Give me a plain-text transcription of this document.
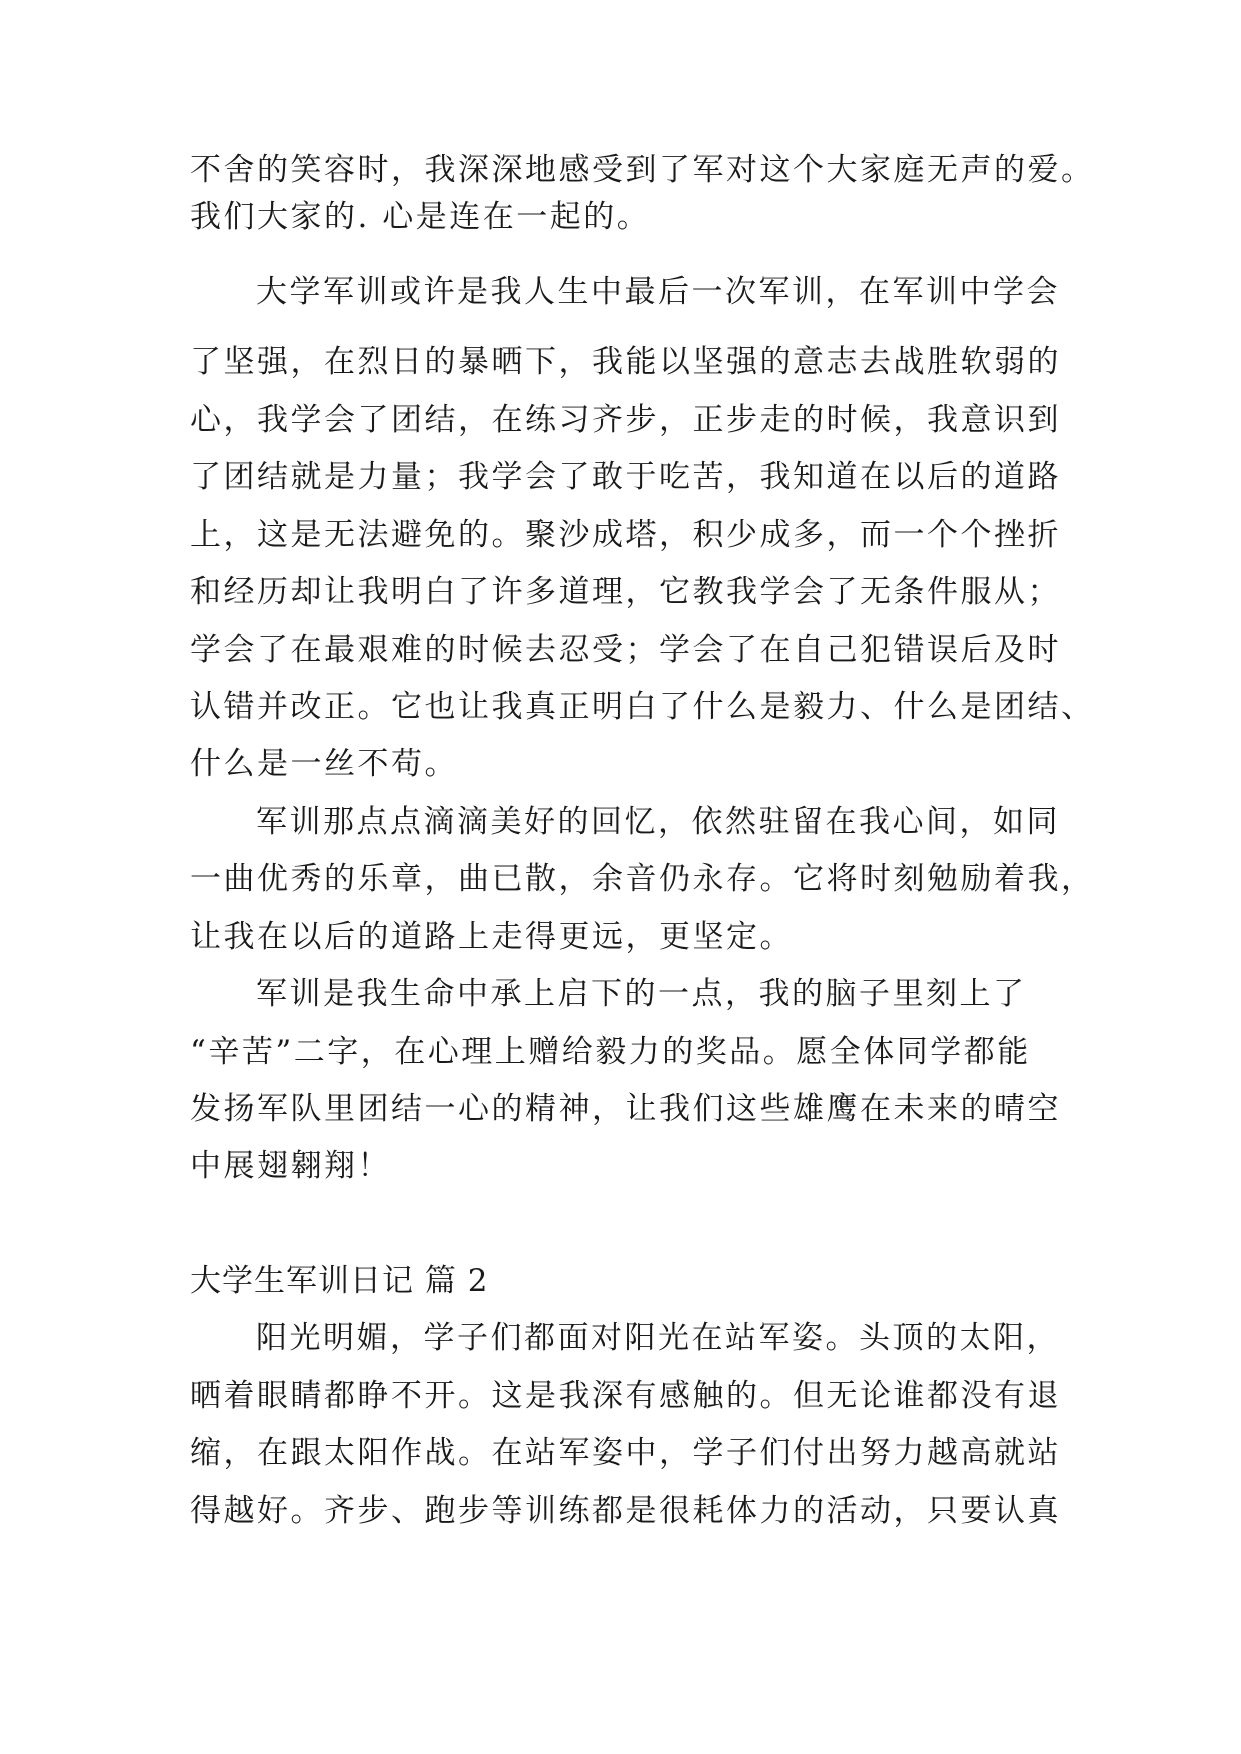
不舍的笑容时，我深深地感受到了军对这个大家庭无声的爱。
我们大家的. 心是连在一起的。
大学军训或许是我人生中最后一次军训，在军训中学会
了坚强，在烈日的暴晒下，我能以坚强的意志去战胜软弱的
心，我学会了团结，在练习齐步，正步走的时候，我意识到
了团结就是力量；我学会了敢于吃苦，我知道在以后的道路
上，这是无法避免的。聚沙成塔，积少成多，而一个个挫折
和经历却让我明白了许多道理，它教我学会了无条件服从；
学会了在最艰难的时候去忍受；学会了在自己犯错误后及时
认错并改正。它也让我真正明白了什么是毅力、什么是团结、
什么是一丝不苟。
军训那点点滴滴美好的回忆，依然驻留在我心间，如同
一曲优秀的乐章，曲已散，余音仍永存。它将时刻勉励着我，
让我在以后的道路上走得更远，更坚定。
军训是我生命中承上启下的一点，我的脑子里刻上了
“辛苦”二字，在心理上赠给毅力的奖品。愿全体同学都能
发扬军队里团结一心的精神，让我们这些雄鹰在未来的晴空
中展翅翱翔！
大学生军训日记 篇 2
阳光明媚，学子们都面对阳光在站军姿。头顶的太阳，
晒着眼睛都睁不开。这是我深有感触的。但无论谁都没有退
缩，在跟太阳作战。在站军姿中，学子们付出努力越高就站
得越好。齐步、跑步等训练都是很耗体力的活动，只要认真
